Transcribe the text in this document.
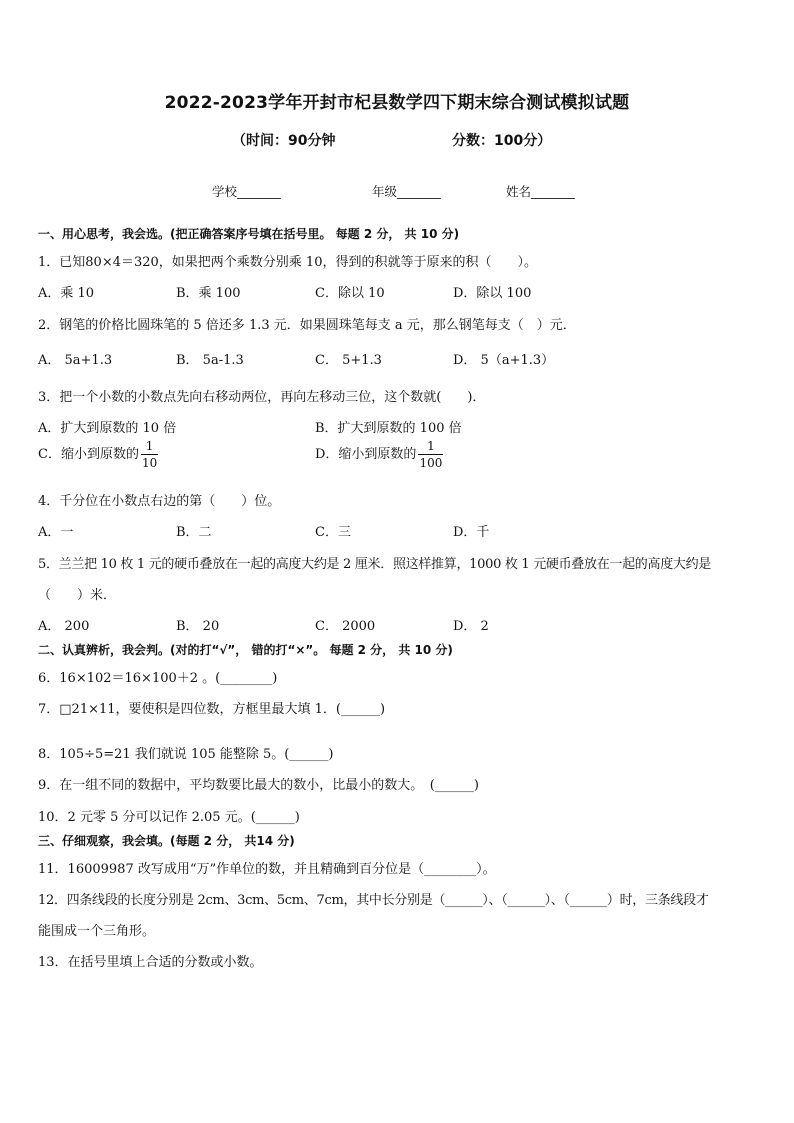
2022-2023学年开封市杞县数学四下期末综合测试模拟试题
（时间：90分钟	分数：100分）
学校_______	年级_______	姓名_______
一、用心思考，我会选。(把正确答案序号填在括号里。 每题 2 分， 共 10 分)
1．已知80×4＝320，如果把两个乘数分别乘 10，得到的积就等于原来的积（　　）。
A．乘 10	B．乘 100	C．除以 10	D．除以 100
2．钢笔的价格比圆珠笔的 5 倍还多 1.3 元．如果圆珠笔每支 a 元，那么钢笔每支（　）元．
A． 5a+1.3	B． 5a-1.3	C． 5+1.3	D． 5（a+1.3）
3．把一个小数的小数点先向右移动两位，再向左移动三位，这个数就(　　)．
A．扩大到原数的 10 倍	B．扩大到原数的 100 倍
C．缩小到原数的 $\frac{1}{10}$	D．缩小到原数的 $\frac{1}{100}$
4．千分位在小数点右边的第（　　）位。
A．一	B．二	C．三	D．千
5．兰兰把 10 枚 1 元的硬币叠放在一起的高度大约是 2 厘米．照这样推算，1000 枚 1 元硬币叠放在一起的高度大约是
（　　）米．
A． 200	B． 20	C． 2000	D． 2
二、认真辨析，我会判。(对的打“√”， 错的打“×”。 每题 2 分， 共 10 分)
6．16×102＝16×100＋2 。(________)
7．□21×11，要使积是四位数，方框里最大填 1．(______)
8．105÷5=21 我们就说 105 能整除 5。(______)
9．在一组不同的数据中，平均数要比最大的数小，比最小的数大。　(______)
10．2 元零 5 分可以记作 2.05 元。(______)
三、仔细观察，我会填。(每题 2 分， 共14 分)
11．16009987 改写成用“万”作单位的数，并且精确到百分位是（________）。
12．四条线段的长度分别是 2cm、3cm、5cm、7cm，其中长分别是（______）、（______）、（______）时，三条线段才
能围成一个三角形。
13．在括号里填上合适的分数或小数。
